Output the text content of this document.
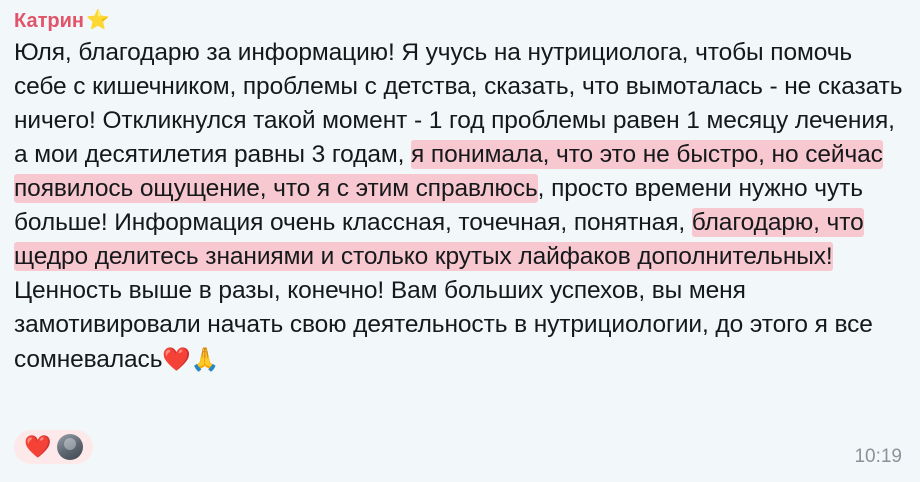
Катрин ⭐
Юля, благодарю за информацию! Я учусь на нутрициолога, чтобы помочь себе с кишечником, проблемы с детства, сказать, что вымоталась - не сказать ничего! Откликнулся такой момент - 1 год проблемы равен 1 месяцу лечения, а мои десятилетия равны 3 годам, я понимала, что это не быстро, но сейчас появилось ощущение, что я с этим справлюсь, просто времени нужно чуть больше! Информация очень классная, точечная, понятная, благодарю, что щедро делитесь знаниями и столько крутых лайфаков дополнительных! Ценность выше в разы, конечно! Вам больших успехов, вы меня замотивировали начать свою деятельность в нутрициологии, до этого я все сомневалась❤️🙏
❤️	10:19
